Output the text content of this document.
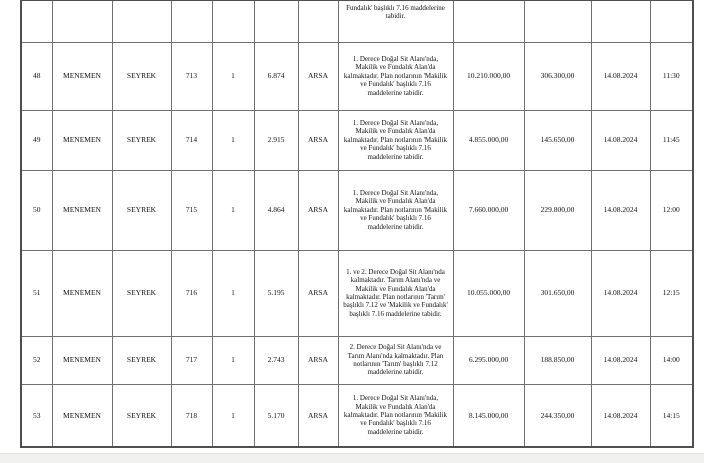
							Fundalık' başlıklı 7.16 maddelerine tabidir.				
48	MENEMEN	SEYREK	713	1	6.874	ARSA	1. Derece Doğal Sit Alanı'nda, Makilik ve Fundalık Alan'da kalmaktadır. Plan notlarının 'Makilik ve Fundalık' başlıklı 7.16 maddelerine tabidir.	10.210.000,00	306.300,00	14.08.2024	11:30
49	MENEMEN	SEYREK	714	1	2.915	ARSA	1. Derece Doğal Sit Alanı'nda, Makilik ve Fundalık Alan'da kalmaktadır. Plan notlarının 'Makilik ve Fundalık' başlıklı 7.16 maddelerine tabidir.	4.855.000,00	145.650,00	14.08.2024	11:45
50	MENEMEN	SEYREK	715	1	4.864	ARSA	1. Derece Doğal Sit Alanı'nda, Makilik ve Fundalık Alan'da kalmaktadır. Plan notlarının 'Makilik ve Fundalık' başlıklı 7.16 maddelerine tabidir.	7.660.000,00	229.800,00	14.08.2024	12:00
51	MENEMEN	SEYREK	716	1	5.195	ARSA	1. ve 2. Derece Doğal Sit Alanı'nda kalmaktadır. Tarım Alanı'nda ve Makilik ve Fundalık Alan'da kalmaktadır. Plan notlarının 'Tarım' başlıklı 7.12 ve 'Makilik ve Fundalık' başlıklı 7.16 maddelerine tabidir.	10.055.000,00	301.650,00	14.08.2024	12:15
52	MENEMEN	SEYREK	717	1	2.743	ARSA	2. Derece Doğal Sit Alanı'nda ve Tarım Alanı'nda kalmaktadır. Plan notlarının 'Tarım' başlıklı 7.12 maddelerine tabidir.	6.295.000,00	188.850,00	14.08.2024	14:00
53	MENEMEN	SEYREK	718	1	5.170	ARSA	1. Derece Doğal Sit Alanı'nda, Makilik ve Fundalık Alan'da kalmaktadır. Plan notlarının 'Makilik ve Fundalık' başlıklı 7.16 maddelerine tabidir.	8.145.000,00	244.350,00	14.08.2024	14:15
